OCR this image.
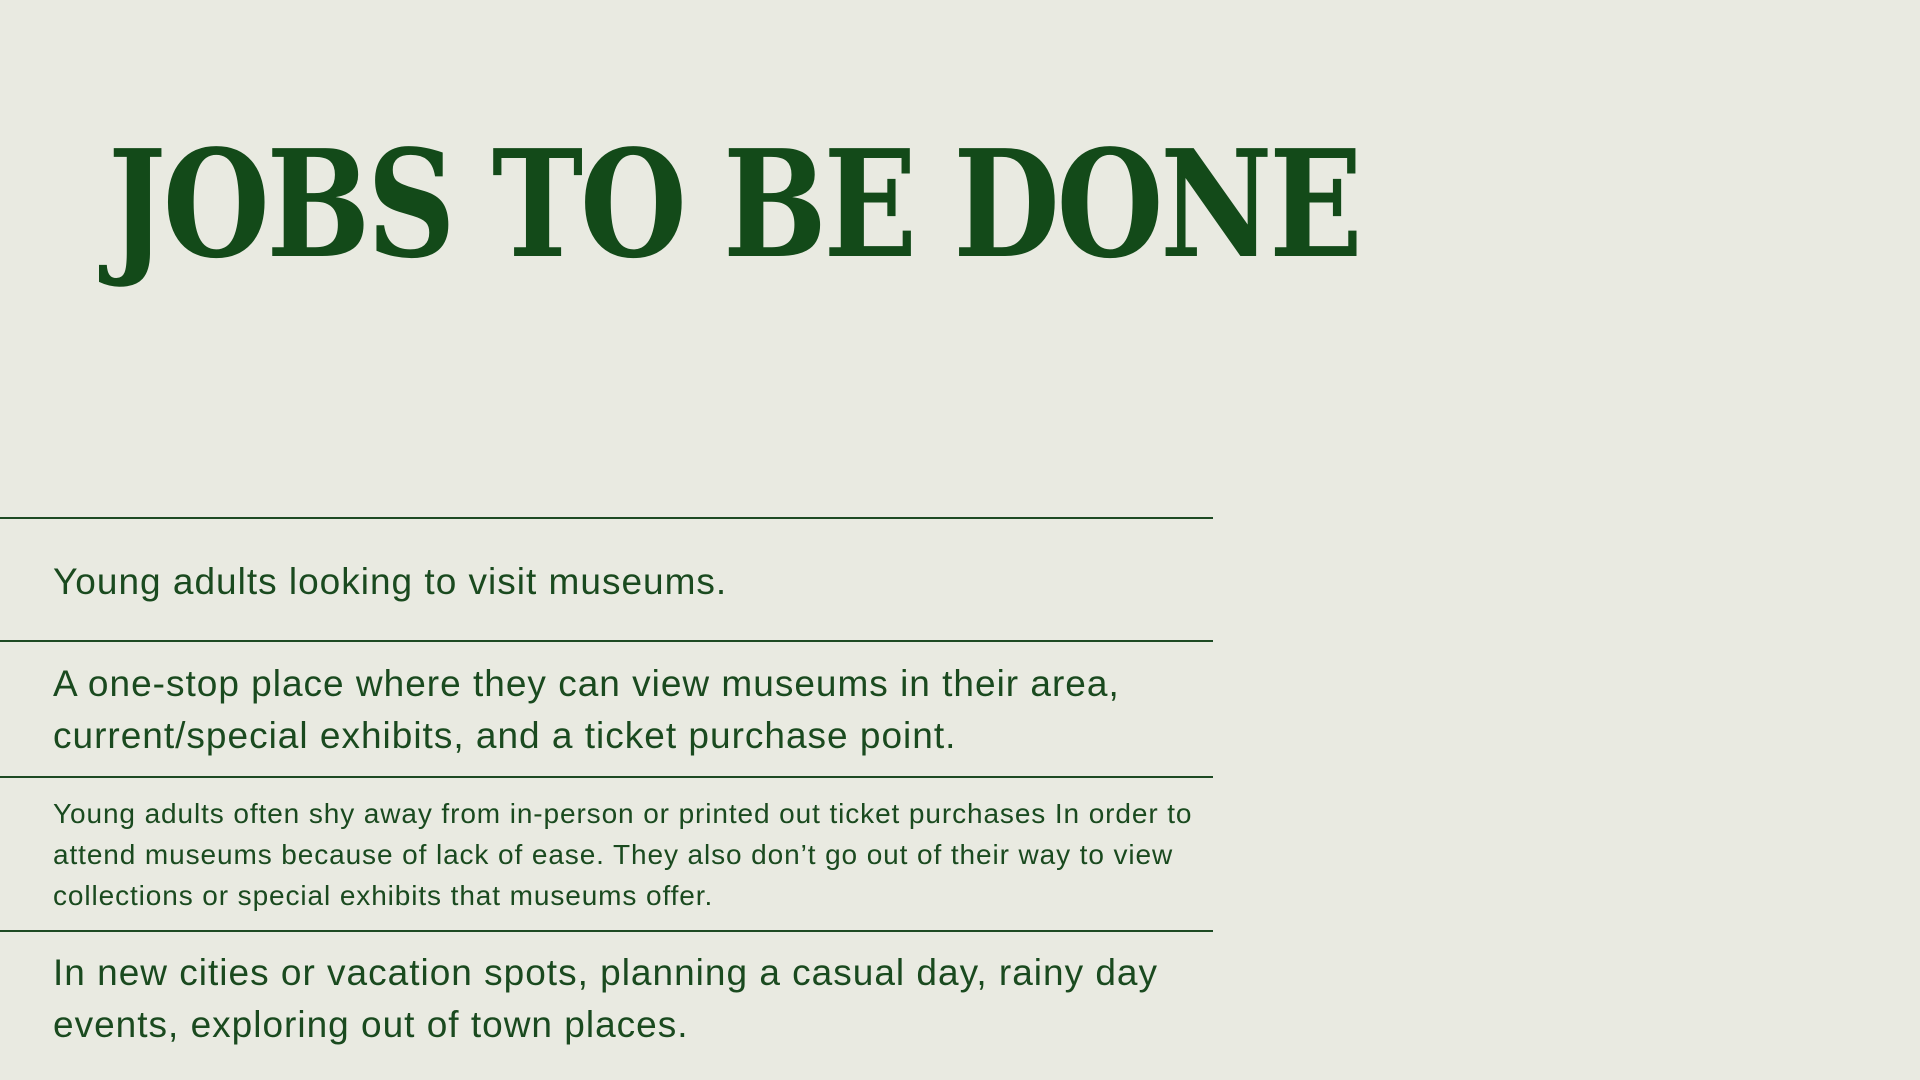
JOBS TO BE DONE

Young adults looking to visit museums.

A one-stop place where they can view museums in their area, current/special exhibits, and a ticket purchase point.

Young adults often shy away from in-person or printed out ticket purchases In order to attend museums because of lack of ease. They also don’t go out of their way to view collections or special exhibits that museums offer.

In new cities or vacation spots, planning a casual day, rainy day events, exploring out of town places.
